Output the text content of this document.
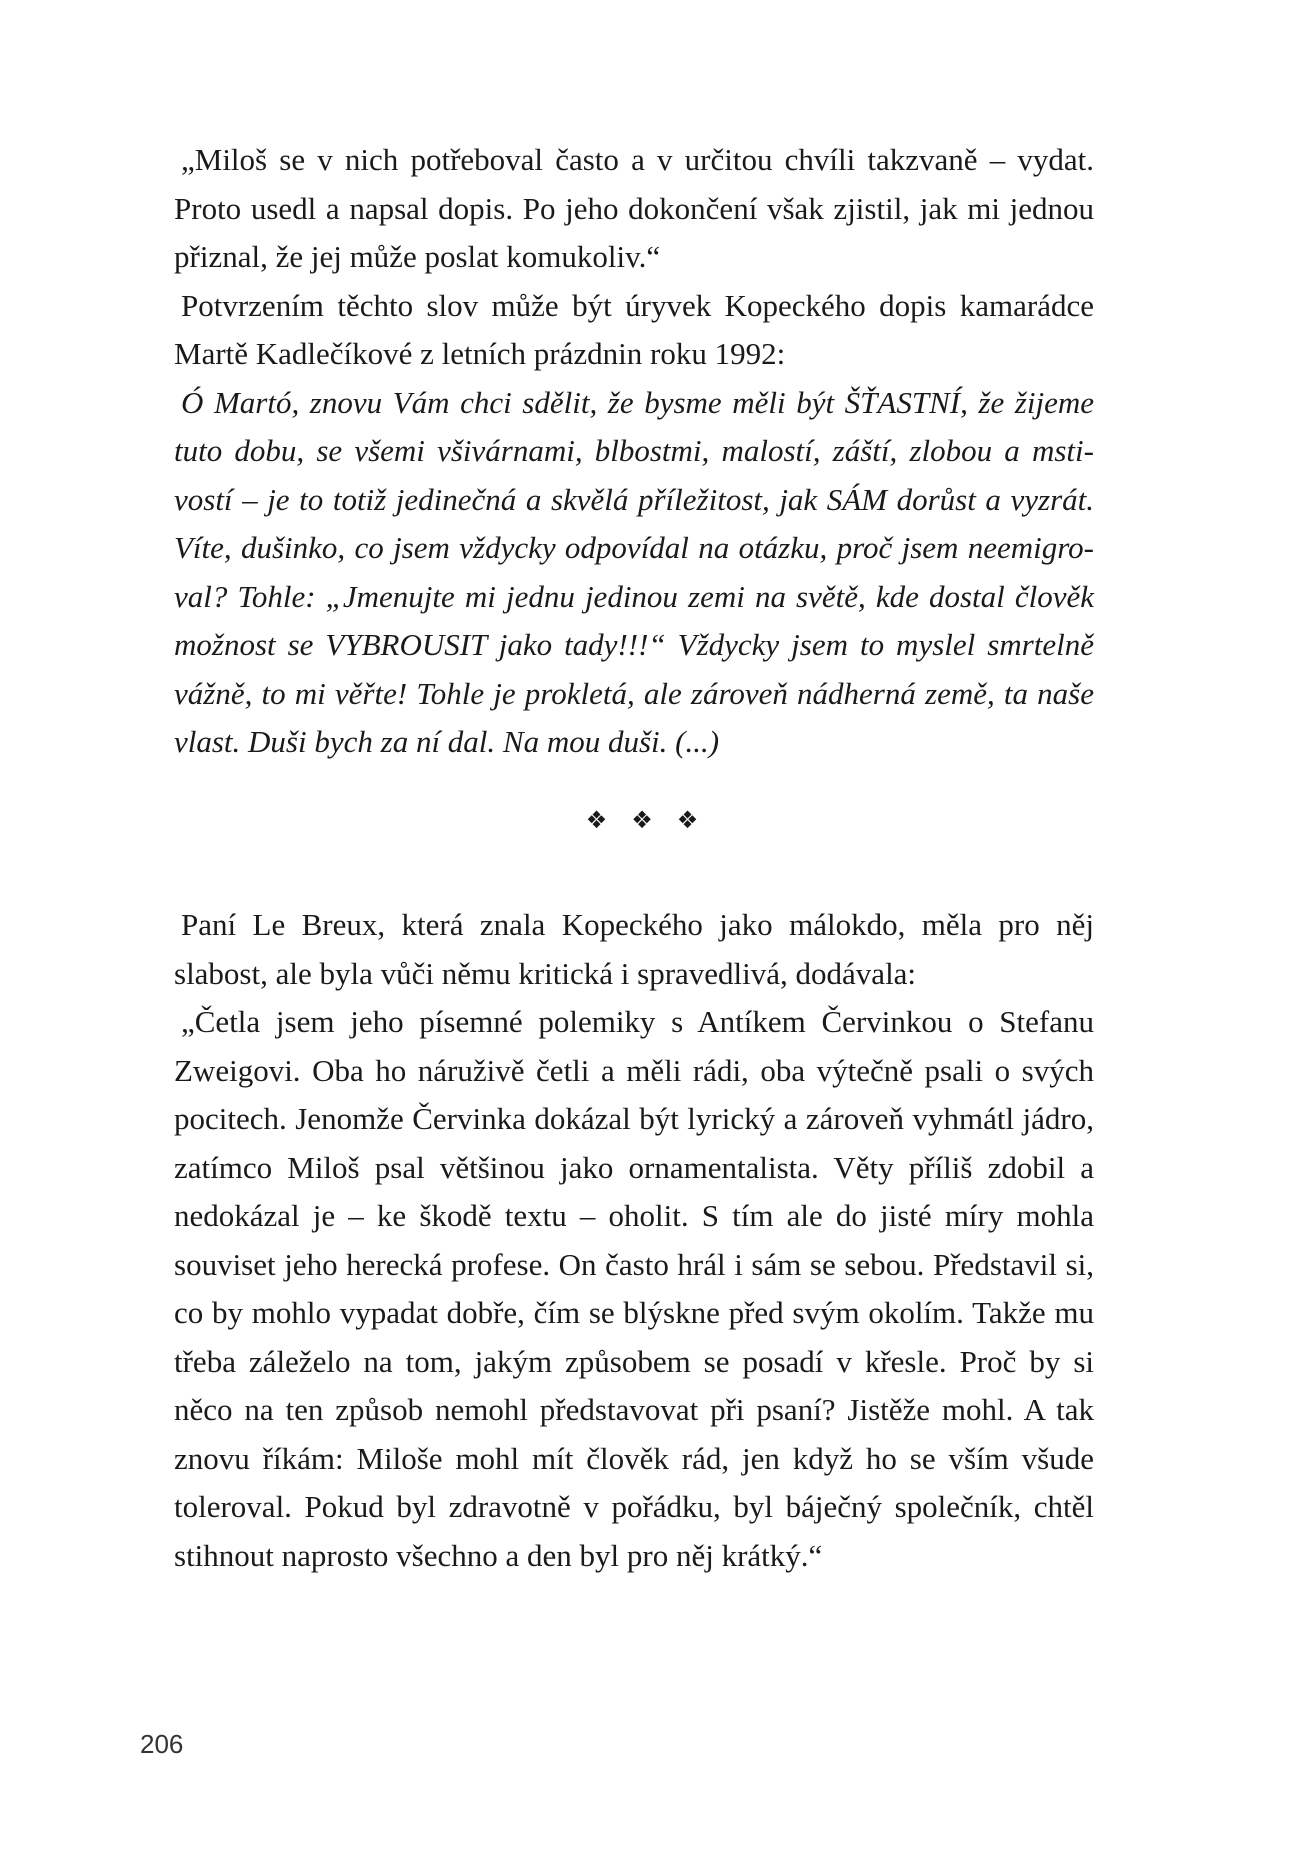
„Miloš se v nich potřeboval často a v určitou chvíli takzvaně – vydat. Proto usedl a napsal dopis. Po jeho dokončení však zjistil, jak mi jednou přiznal, že jej může poslat komukoliv.“

Potvrzením těchto slov může být úryvek Kopeckého dopis kamarádce Martě Kadlečíkové z letních prázdnin roku 1992:

Ó Martó, znovu Vám chci sdělit, že bysme měli být ŠŤASTNÍ, že žijeme tuto dobu, se všemi všivárnami, blbostmi, malostí, záští, zlobou a mstivostí – je to totiž jedinečná a skvělá příležitost, jak SÁM dorůst a vyzrát. Víte, dušinko, co jsem vždycky odpovídal na otázku, proč jsem neemigroval? Tohle: „Jmenujte mi jednu jedinou zemi na světě, kde dostal člověk možnost se VYBROUSIT jako tady!!!“ Vždycky jsem to myslel smrtelně vážně, to mi věřte! Tohle je prokletá, ale zároveň nádherná země, ta naše vlast. Duši bych za ní dal. Na mou duši. (...)

❖ ❖ ❖

Paní Le Breux, která znala Kopeckého jako málokdo, měla pro něj slabost, ale byla vůči němu kritická i spravedlivá, dodávala:

„Četla jsem jeho písemné polemiky s Antíkem Červinkou o Stefanu Zweigovi. Oba ho náruživě četli a měli rádi, oba výtečně psali o svých pocitech. Jenomže Červinka dokázal být lyrický a zároveň vyhmátl jádro, zatímco Miloš psal většinou jako ornamentalista. Věty příliš zdobil a nedokázal je – ke škodě textu – oholit. S tím ale do jisté míry mohla souviset jeho herecká profese. On často hrál i sám se sebou. Představil si, co by mohlo vypadat dobře, čím se blýskne před svým okolím. Takže mu třeba záleželo na tom, jakým způsobem se posadí v křesle. Proč by si něco na ten způsob nemohl představovat při psaní? Jistěže mohl. A tak znovu říkám: Miloše mohl mít člověk rád, jen když ho se vším všude toleroval. Pokud byl zdravotně v pořádku, byl báječný společník, chtěl stihnout naprosto všechno a den byl pro něj krátký.“

206
